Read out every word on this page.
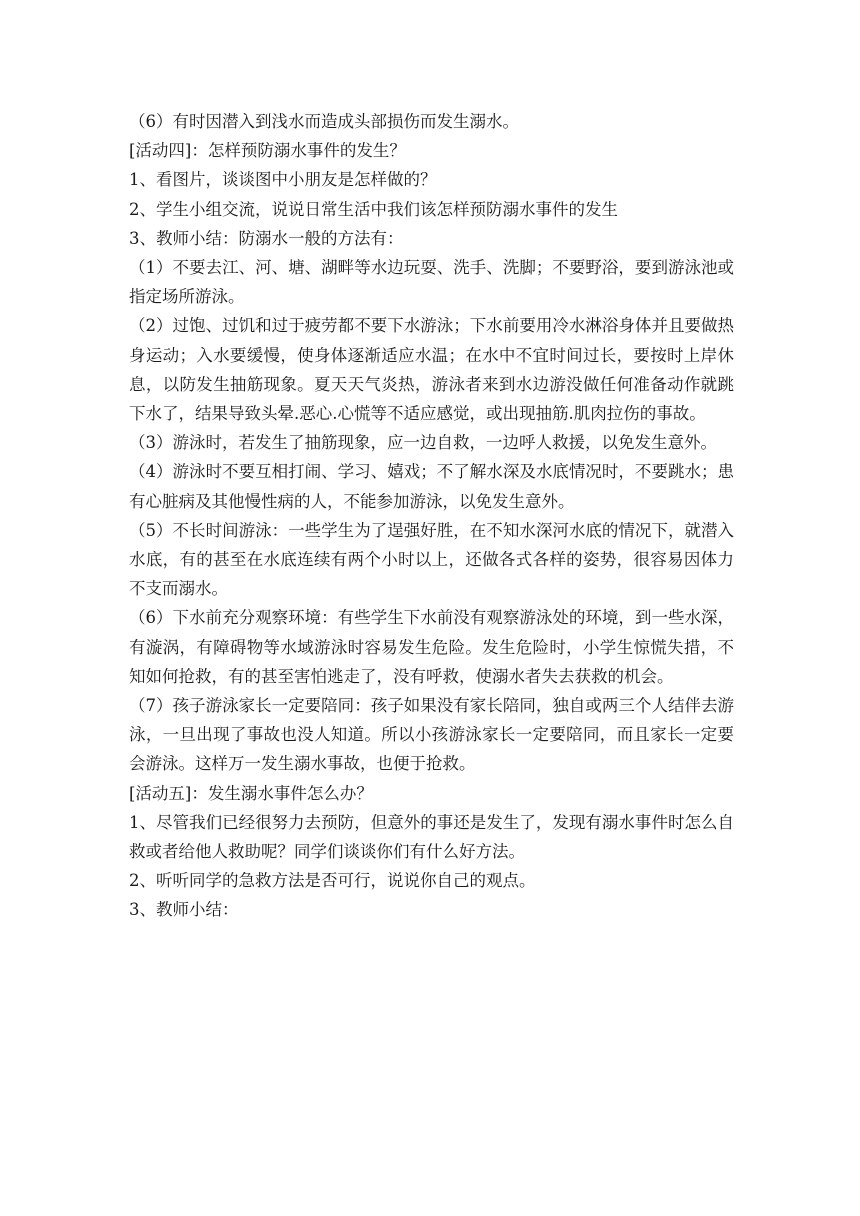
（6）有时因潜入到浅水而造成头部损伤而发生溺水。

[活动四]：怎样预防溺水事件的发生？

1、看图片，谈谈图中小朋友是怎样做的？

2、学生小组交流，说说日常生活中我们该怎样预防溺水事件的发生

3、教师小结：防溺水一般的方法有：

（1）不要去江、河、塘、湖畔等水边玩耍、洗手、洗脚；不要野浴，要到游泳池或指定场所游泳。

（2）过饱、过饥和过于疲劳都不要下水游泳；下水前要用冷水淋浴身体并且要做热身运动；入水要缓慢，使身体逐渐适应水温；在水中不宜时间过长，要按时上岸休息，以防发生抽筋现象。夏天天气炎热，游泳者来到水边游没做任何准备动作就跳下水了，结果导致头晕.恶心.心慌等不适应感觉，或出现抽筋.肌肉拉伤的事故。

（3）游泳时，若发生了抽筋现象，应一边自救，一边呼人救援，以免发生意外。

（4）游泳时不要互相打闹、学习、嬉戏；不了解水深及水底情况时，不要跳水；患有心脏病及其他慢性病的人，不能参加游泳，以免发生意外。

（5）不长时间游泳：一些学生为了逞强好胜，在不知水深河水底的情况下，就潜入水底，有的甚至在水底连续有两个小时以上，还做各式各样的姿势，很容易因体力不支而溺水。

（6）下水前充分观察环境：有些学生下水前没有观察游泳处的环境，到一些水深，有漩涡，有障碍物等水域游泳时容易发生危险。发生危险时，小学生惊慌失措，不知如何抢救，有的甚至害怕逃走了，没有呼救，使溺水者失去获救的机会。

（7）孩子游泳家长一定要陪同：孩子如果没有家长陪同，独自或两三个人结伴去游泳，一旦出现了事故也没人知道。所以小孩游泳家长一定要陪同，而且家长一定要会游泳。这样万一发生溺水事故，也便于抢救。

[活动五]：发生溺水事件怎么办？

1、尽管我们已经很努力去预防，但意外的事还是发生了，发现有溺水事件时怎么自救或者给他人救助呢？同学们谈谈你们有什么好方法。

2、听听同学的急救方法是否可行，说说你自己的观点。

3、教师小结：
